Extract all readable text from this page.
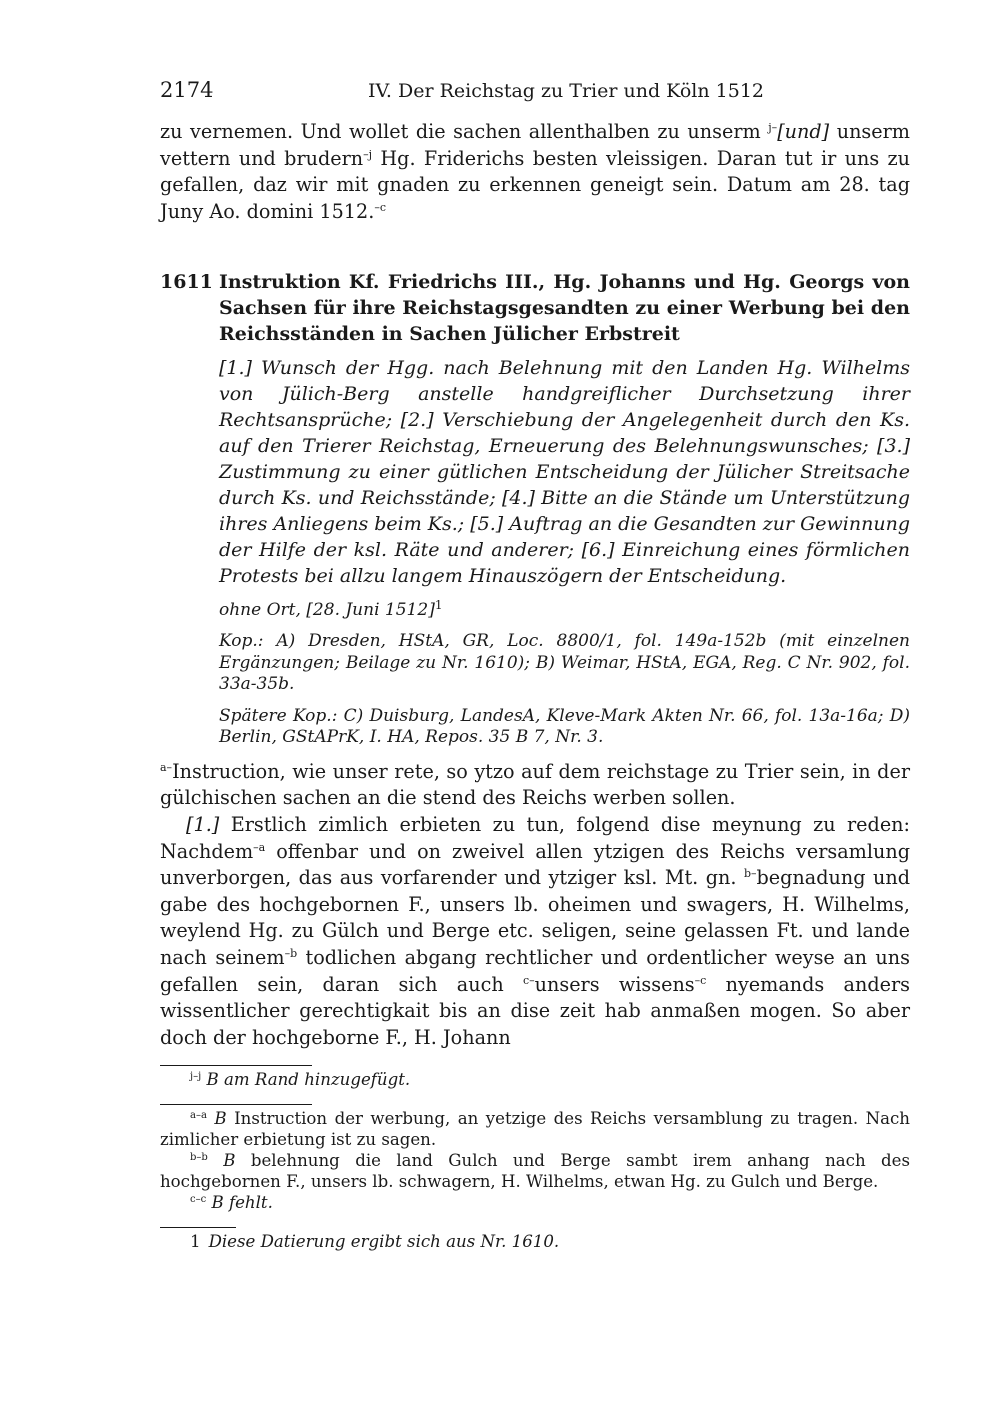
2174	IV. Der Reichstag zu Trier und Köln 1512

zu vernemen. Und wollet die sachen allenthalben zu unserm $^{j-}$[und] unserm vettern und brudern$^{-j}$ Hg. Friderichs besten vleissigen. Daran tut ir uns zu gefallen, daz wir mit gnaden zu erkennen geneigt sein. Datum am 28. tag Juny Ao. domini 1512.$^{-c}$

1611 Instruktion Kf. Friedrichs III., Hg. Johanns und Hg. Georgs von Sachsen für ihre Reichstagsgesandten zu einer Werbung bei den Reichsständen in Sachen Jülicher Erbstreit

[1.] Wunsch der Hgg. nach Belehnung mit den Landen Hg. Wilhelms von Jülich-Berg anstelle handgreiflicher Durchsetzung ihrer Rechtsansprüche; [2.] Verschiebung der Angelegenheit durch den Ks. auf den Trierer Reichstag, Erneuerung des Belehnungswunsches; [3.] Zustimmung zu einer gütlichen Entscheidung der Jülicher Streitsache durch Ks. und Reichsstände; [4.] Bitte an die Stände um Unterstützung ihres Anliegens beim Ks.; [5.] Auftrag an die Gesandten zur Gewinnung der Hilfe der ksl. Räte und anderer; [6.] Einreichung eines förmlichen Protests bei allzu langem Hinauszögern der Entscheidung.

ohne Ort, [28. Juni 1512]$^1$

Kop.: A) Dresden, HStA, GR, Loc. 8800/1, fol. 149a-152b (mit einzelnen Ergänzungen; Beilage zu Nr. 1610); B) Weimar, HStA, EGA, Reg. C Nr. 902, fol. 33a-35b.

Spätere Kop.: C) Duisburg, LandesA, Kleve-Mark Akten Nr. 66, fol. 13a-16a; D) Berlin, GStAPrK, I. HA, Repos. 35 B 7, Nr. 3.

$^{a-}$Instruction, wie unser rete, so ytzo auf dem reichstage zu Trier sein, in der gülchischen sachen an die stend des Reichs werben sollen.

[1.] Erstlich zimlich erbieten zu tun, folgend dise meynung zu reden: Nachdem$^{-a}$ offenbar und on zweivel allen ytzigen des Reichs versamlung unverborgen, das aus vorfarender und ytziger ksl. Mt. gn. $^{b-}$begnadung und gabe des hochgebornen F., unsers lb. oheimen und swagers, H. Wilhelms, weylend Hg. zu Gülch und Berge etc. seligen, seine gelassen Ft. und lande nach seinem$^{-b}$ todlichen abgang rechtlicher und ordentlicher weyse an uns gefallen sein, daran sich auch $^{c-}$unsers wissens$^{-c}$ nyemands anders wissentlicher gerechtigkait bis an dise zeit hab anmaßen mogen. So aber doch der hochgeborne F., H. Johann

$^{j-j}$ B am Rand hinzugefügt.

$^{a-a}$ B Instruction der werbung, an yetzige des Reichs versamblung zu tragen. Nach zimlicher erbietung ist zu sagen.

$^{b-b}$ B belehnung die land Gulch und Berge sambt irem anhang nach des hochgebornen F., unsers lb. schwagern, H. Wilhelms, etwan Hg. zu Gulch und Berge.

$^{c-c}$ B fehlt.

1 Diese Datierung ergibt sich aus Nr. 1610.
